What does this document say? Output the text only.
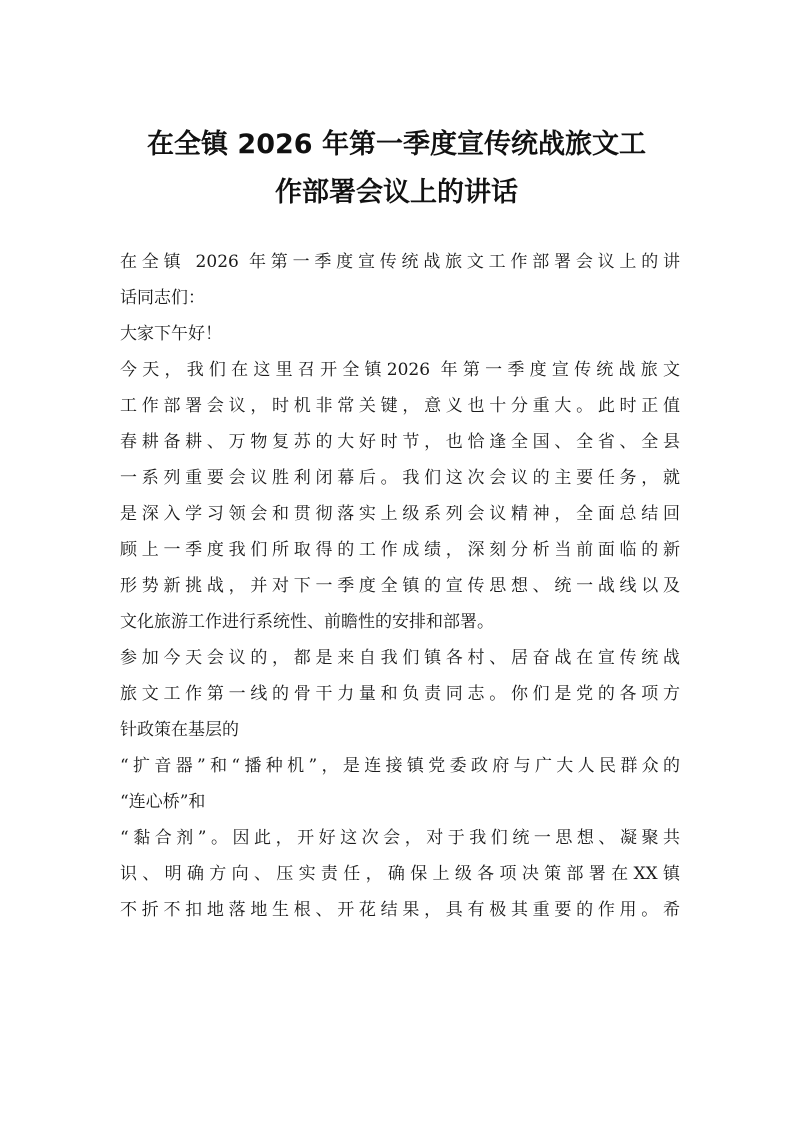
在全镇 2026 年第一季度宣传统战旅文工
作部署会议上的讲话
在全镇 2026 年第一季度宣传统战旅文工作部署会议上的讲
话同志们：
大家下午好！
今天，我们在这里召开全镇2026 年第一季度宣传统战旅文
工作部署会议，时机非常关键，意义也十分重大。此时正值
春耕备耕、万物复苏的大好时节，也恰逢全国、全省、全县
一系列重要会议胜利闭幕后。我们这次会议的主要任务，就
是深入学习领会和贯彻落实上级系列会议精神，全面总结回
顾上一季度我们所取得的工作成绩，深刻分析当前面临的新
形势新挑战，并对下一季度全镇的宣传思想、统一战线以及
文化旅游工作进行系统性、前瞻性的安排和部署。
参加今天会议的，都是来自我们镇各村、居奋战在宣传统战
旅文工作第一线的骨干力量和负责同志。你们是党的各项方
针政策在基层的
“扩音器”和“播种机”，是连接镇党委政府与广大人民群众的
“连心桥”和
“黏合剂”。因此，开好这次会，对于我们统一思想、凝聚共
识、明确方向、压实责任，确保上级各项决策部署在XX镇
不折不扣地落地生根、开花结果，具有极其重要的作用。希
